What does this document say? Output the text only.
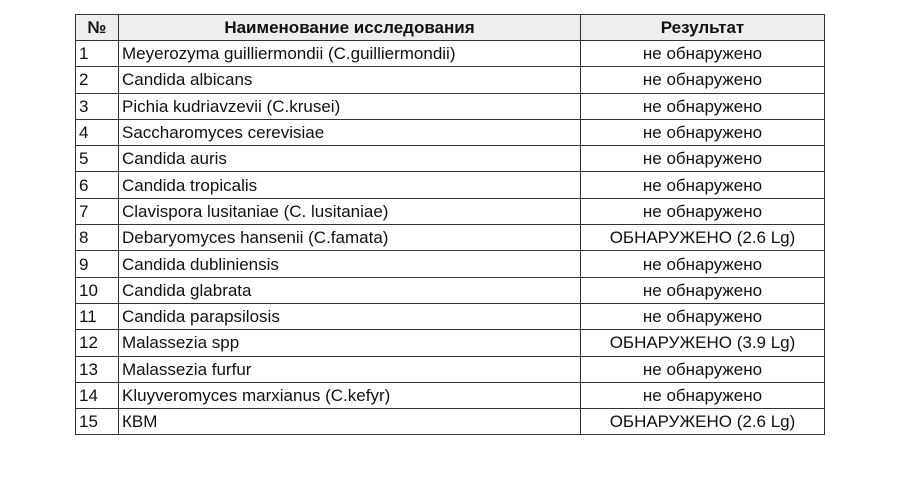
№	Наименование исследования	Результат
1	Meyerozyma guilliermondii (C.guilliermondii)	не обнаружено
2	Candida albicans	не обнаружено
3	Pichia kudriavzevii (C.krusei)	не обнаружено
4	Saccharomyces cerevisiae	не обнаружено
5	Candida auris	не обнаружено
6	Candida tropicalis	не обнаружено
7	Clavispora lusitaniae (C. lusitaniae)	не обнаружено
8	Debaryomyces hansenii (C.famata)	ОБНАРУЖЕНО (2.6 Lg)
9	Candida dubliniensis	не обнаружено
10	Candida glabrata	не обнаружено
11	Candida parapsilosis	не обнаружено
12	Malassezia spp	ОБНАРУЖЕНО (3.9 Lg)
13	Malassezia furfur	не обнаружено
14	Kluyveromyces marxianus (C.kefyr)	не обнаружено
15	КВМ	ОБНАРУЖЕНО (2.6 Lg)
